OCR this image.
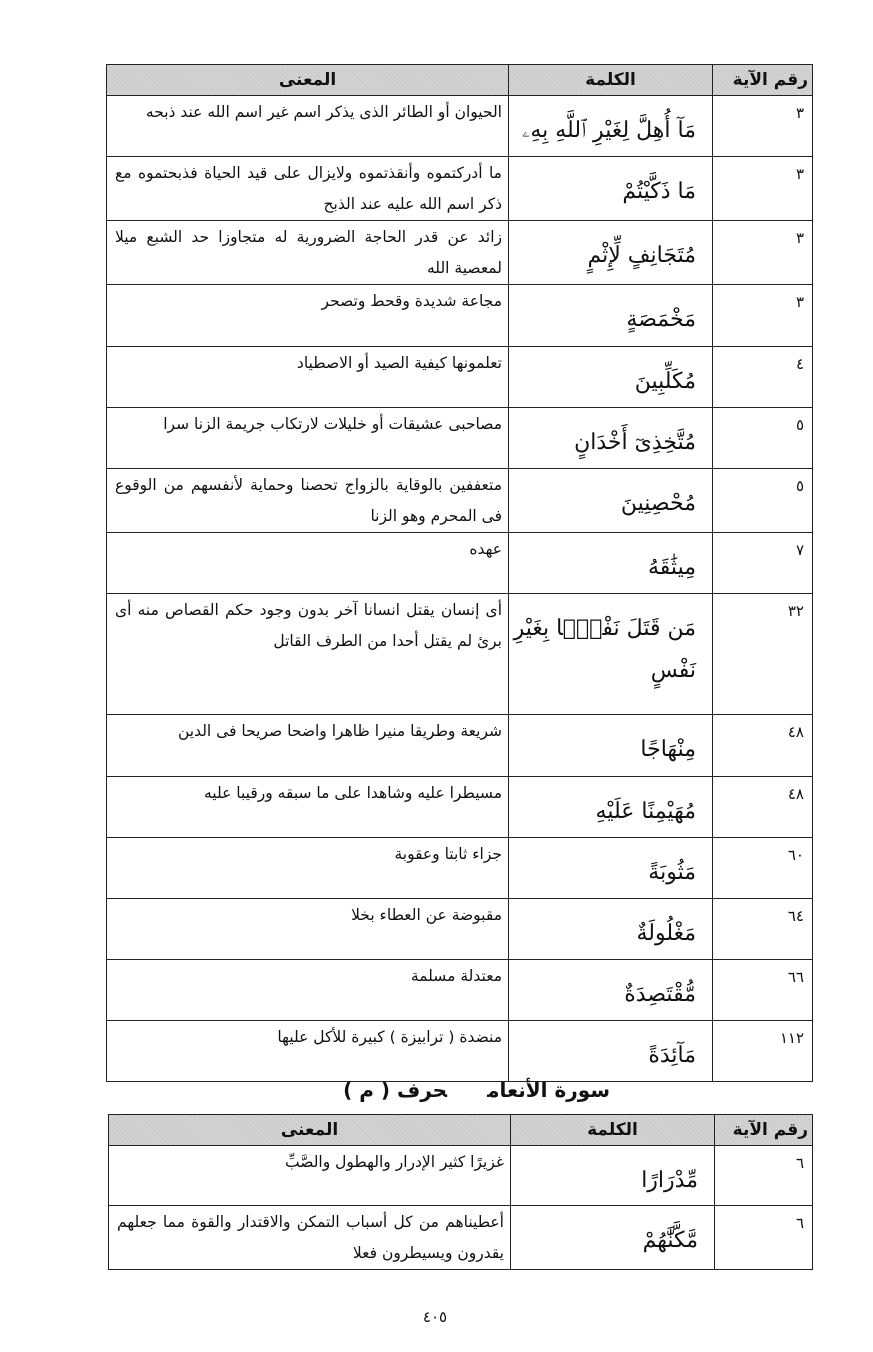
رقم الآية	الكلمة	المعنى
٣	مَآ أُهِلَّ لِغَيْرِ ٱللَّهِ بِهِۦ	الحيوان أو الطائر الذى يذكر اسم غير اسم الله عند ذبحه
٣	مَا ذَكَّيْتُمْ	ما أدركتموه وأنقذتموه ولايزال على قيد الحياة فذبحتموه مع ذكر اسم الله عليه عند الذبح
٣	مُتَجَانِفٍ لِّإِثْمٍ	زائد عن قدر الحاجة الضرورية له متجاوزا حد الشبع ميلا لمعصية الله
٣	مَخْمَصَةٍ	مجاعة شديدة وقحط وتصحر
٤	مُكَلِّبِينَ	تعلمونها كيفية الصيد أو الاصطياد
٥	مُتَّخِذِىٓ أَخْدَانٍ	مصاحبى عشيقات أو خليلات لارتكاب جريمة الزنا سرا
٥	مُحْصِنِينَ	متعففين بالوقاية بالزواج تحصنا وحماية لأنفسهم من الوقوع فى المحرم وهو الزنا
٧	مِيثَٰقَهُ	عهده
٣٢	مَن قَتَلَ نَفْسًۢا بِغَيْرِ نَفْسٍ	أى إنسان يقتل انسانا آخر بدون وجود حكم القصاص منه أى برئ لم يقتل أحدا من الطرف القاتل
٤٨	مِنْهَاجًا	شريعة وطريقا منيرا ظاهرا واضحا صريحا فى الدين
٤٨	مُهَيْمِنًا عَلَيْهِ	مسيطرا عليه وشاهدا على ما سبقه ورقيبا عليه
٦٠	مَثُوبَةً	جزاء ثابتا وعقوبة
٦٤	مَغْلُولَةٌ	مقبوضة عن العطاء بخلا
٦٦	مُّقْتَصِدَةٌ	معتدلة مسلمة
١١٢	مَآئِدَةً	منضدة ( ترابيزة ) كبيرة للأكل عليها
سورة الأنعامحرف ( م )
رقم الآية	الكلمة	المعنى
٦	مِّدْرَارًا	غزيرًا كثير الإدرار والهطول والصَّبِّ
٦	مَّكَّنَّٰهُمْ	أعطيناهم من كل أسباب التمكن والاقتدار والقوة مما جعلهم يقدرون ويسيطرون فعلا
٤٠٥
